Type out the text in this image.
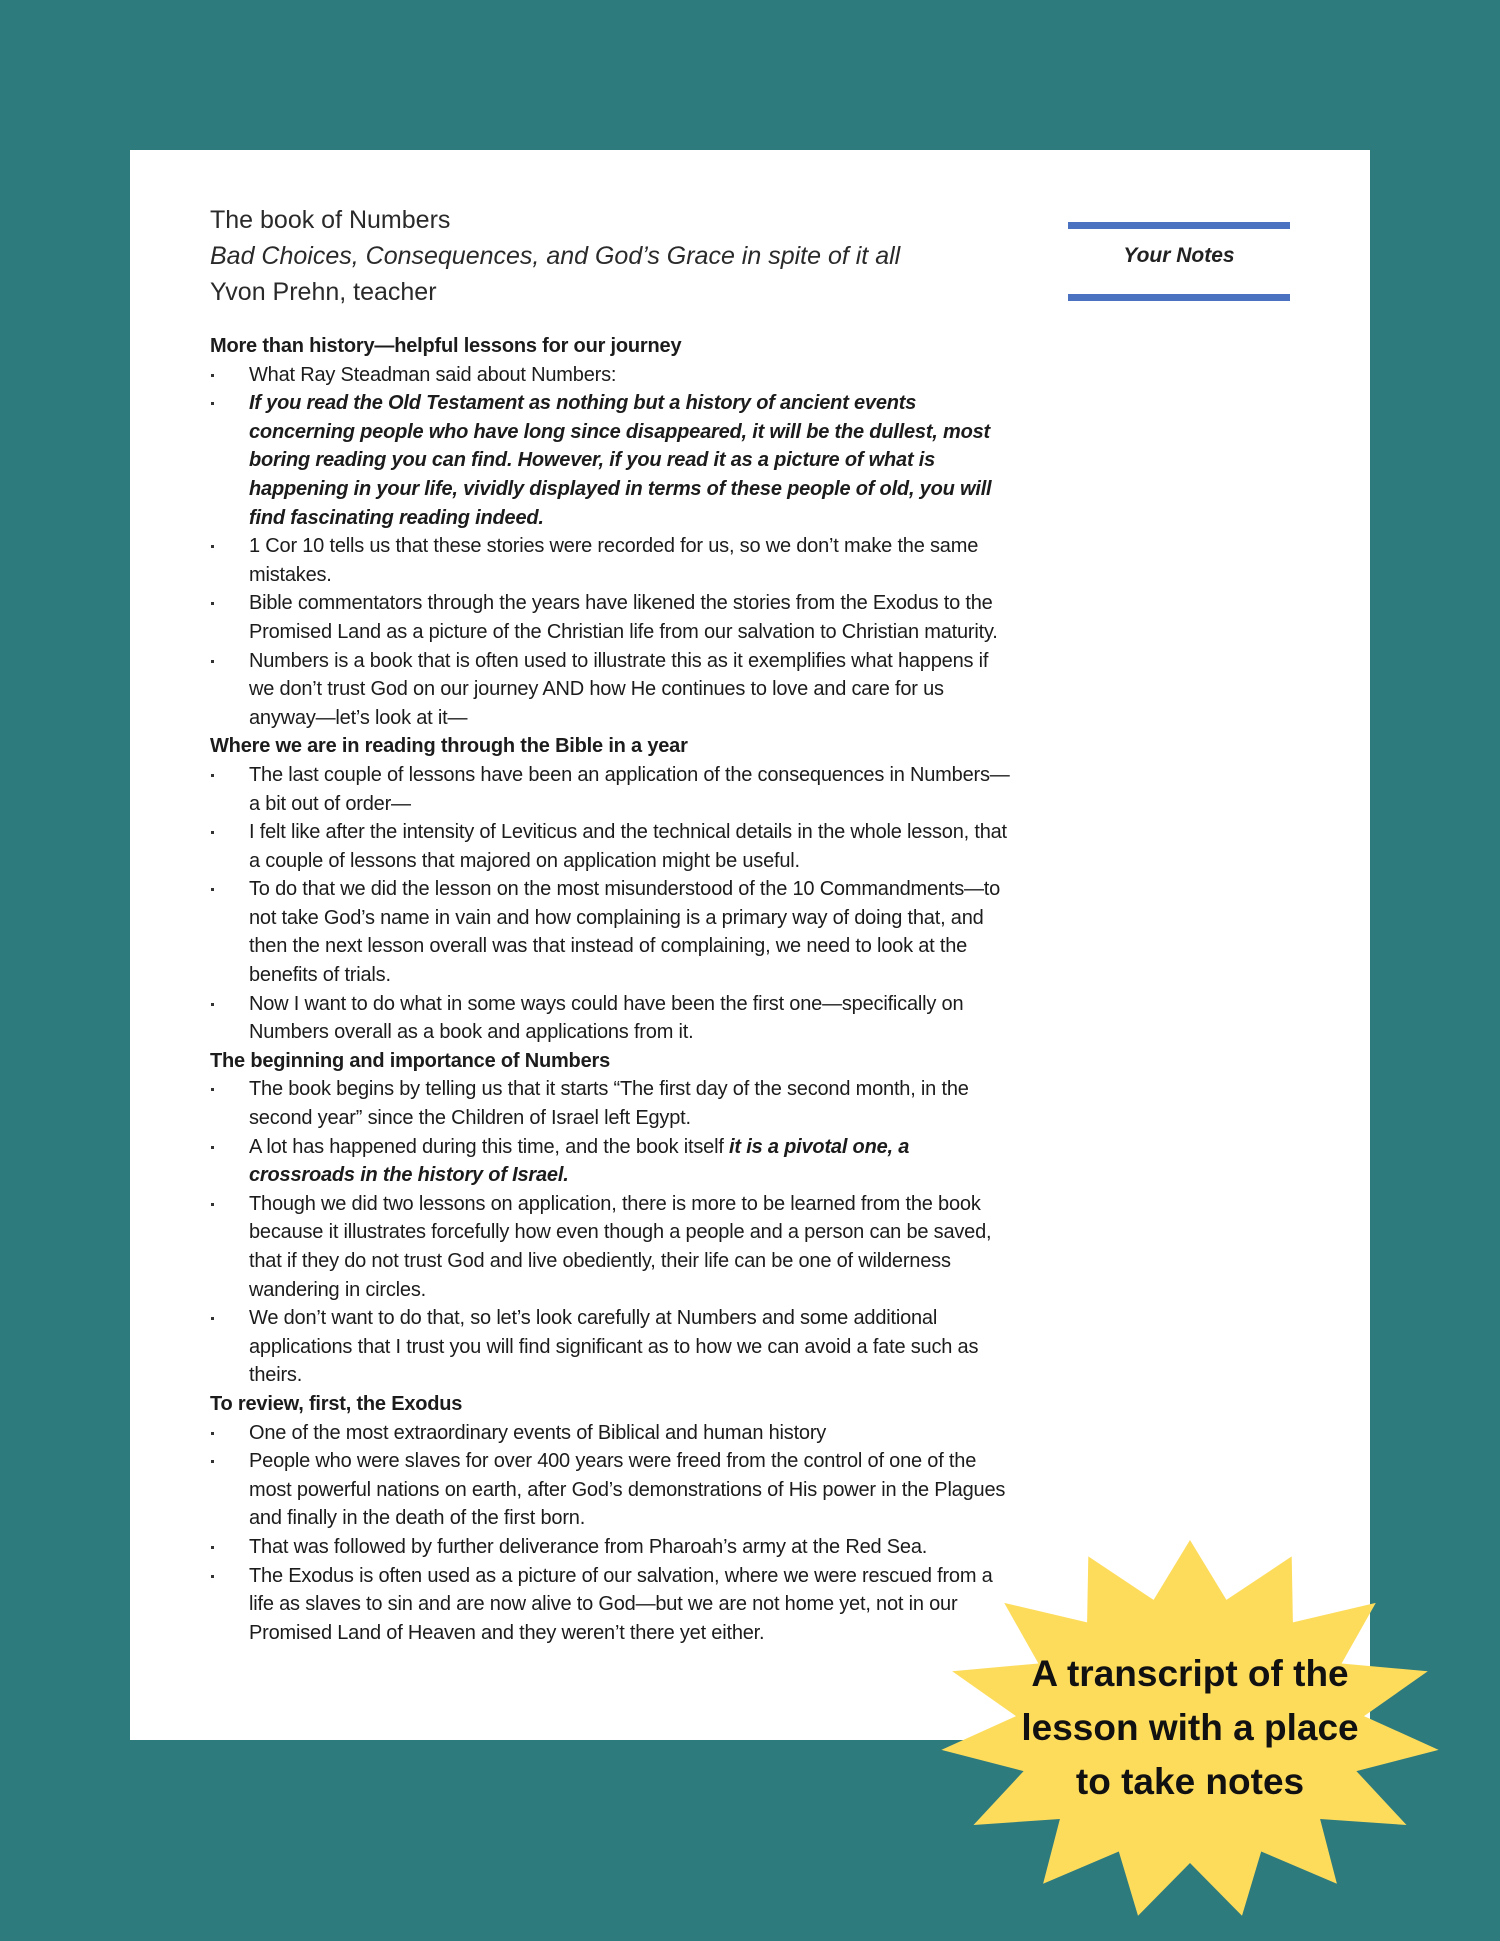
The book of Numbers
Bad Choices, Consequences, and God’s Grace in spite of it all
Yvon Prehn, teacher
More than history—helpful lessons for our journey
What Ray Steadman said about Numbers:
If you read the Old Testament as nothing but a history of ancient events concerning people who have long since disappeared, it will be the dullest, most boring reading you can find. However, if you read it as a picture of what is happening in your life, vividly displayed in terms of these people of old, you will find fascinating reading indeed.
1 Cor 10 tells us that these stories were recorded for us, so we don’t make the same mistakes.
Bible commentators through the years have likened the stories from the Exodus to the Promised Land as a picture of the Christian life from our salvation to Christian maturity.
Numbers is a book that is often used to illustrate this as it exemplifies what happens if we don’t trust God on our journey AND how He continues to love and care for us anyway—let’s look at it—
Where we are in reading through the Bible in a year
The last couple of lessons have been an application of the consequences in Numbers—a bit out of order—
I felt like after the intensity of Leviticus and the technical details in the whole lesson, that a couple of lessons that majored on application might be useful.
To do that we did the lesson on the most misunderstood of the 10 Commandments—to not take God’s name in vain and how complaining is a primary way of doing that, and then the next lesson overall was that instead of complaining, we need to look at the benefits of trials.
Now I want to do what in some ways could have been the first one—specifically on Numbers overall as a book and applications from it.
The beginning and importance of Numbers
The book begins by telling us that it starts “The first day of the second month, in the second year” since the Children of Israel left Egypt.
A lot has happened during this time, and the book itself it is a pivotal one, a crossroads in the history of Israel.
Though we did two lessons on application, there is more to be learned from the book because it illustrates forcefully how even though a people and a person can be saved, that if they do not trust God and live obediently, their life can be one of wilderness wandering in circles.
We don’t want to do that, so let’s look carefully at Numbers and some additional applications that I trust you will find significant as to how we can avoid a fate such as theirs.
To review, first, the Exodus
One of the most extraordinary events of Biblical and human history
People who were slaves for over 400 years were freed from the control of one of the most powerful nations on earth, after God’s demonstrations of His power in the Plagues and finally in the death of the first born.
That was followed by further deliverance from Pharoah’s army at the Red Sea.
The Exodus is often used as a picture of our salvation, where we were rescued from a life as slaves to sin and are now alive to God—but we are not home yet, not in our Promised Land of Heaven and they weren’t there yet either.
Your Notes
A transcript of the lesson with a place to take notes
